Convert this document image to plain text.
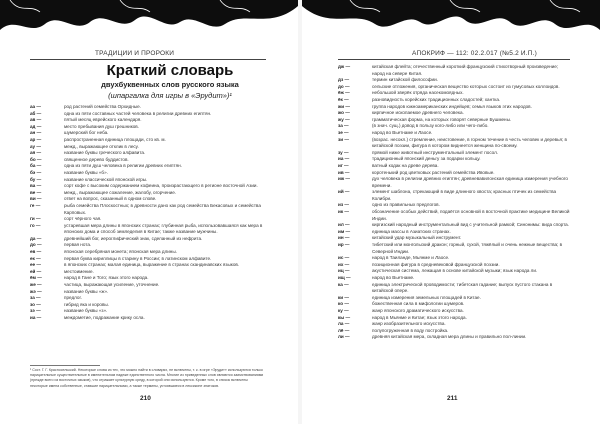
ТРАДИЦИИ И ПРОРОКИ
Краткий словарь
двухбуквенных слов русского языка
(шпаргалка для игры в «Эрудит»)¹
аа —	род растений семейства Орхидные.
аб —	одна из пяти составных частей человека в религии древних египтян.
ав —	пятый месяц еврейского календаря.
ад —	место пребывания душ грешников.
ан —	шумерский бог неба.
ар —	распространенная единица площади, сто кв. м.
ау —	межд., выражающее отклик в лесу.
ая —	название буквы греческого алфавита.
бо —	священное дерево буддистов.
ба —	одна из пяти душ человека в религии древних египтян.
бэ —	название буквы «б».
бу —	название классической японской игры.
ва —	сорт кофе с высоким содержанием кофеина, произрастающего в регионе восточной Азии.
ве —	межд., выражающее сожаление, жалобу, огорчение.
ви —	ответ на вопрос, сказанный в одном слове.
ге —	рыба семейства Плоскостных; в древности дано как род семейства Бекасовых и семейства Карповых.
ги —	сорт чёрного чая.
го —	устаревшая мера длины в японских странах; глубинная рыба, использовавшаяся как мера в японских дома и способ земледелия в Китае; также название мужчины.
да —	древнейший бог, иероглифический знак, сделанный из нефрита.
до —	первая нота.
ев —	японская серебряная монета; японская мера длины.
ек —	первая буква кириллицы в старину в России; в латинском алфавите.
ее —	в японских странах; малая единица, выражение в странах скандинавских языков.
ей —	местоимение.
ём —	народ в Гане и Того; язык этого народа.
же —	частица, выражающая усиление, уточнение.
жэ —	название буквы «ж».
за —	предлог.
зо —	гибрид яка и коровы.
зэ —	название буквы «з».
иа —	междометие, подражание крику осла.
¹ Сост. Г. Г. Красносельский. Некоторые слова из тех, что можно найти в словарях, не включены, т. к. в игре «Эрудит» используются только нарицательные существительные в именительном падеже единственного числа. Многие из приведенных слов являются заимствованиями (прежде всего из восточных языков), что отражает культурную среду, в которой они используются. Кроме того, в список включены некоторые имена собственные, ставшие нарицательными, а также термины, устоявшиеся в лексиконе знатоков.
210
АПОКРИФ — 112: 02.2.017 (№5.2 И.П.)
дж —	китайская флейта; отечественный короткий французский стихотворный произведение; народ на севере Китая.
дз —	термин китайской философии.
до —	сельские отложения, органическая вещество которых состоит из гумусовых коллоидов.
ёж —	небольшой зверёк отряда насекомоядных.
ёк —	разновидность корейских традиционных сладостей; хантка.
жи —	группа народов южноамериканских индейцев; семья языков этих народов.
жо —	кирпичное ископаемое древнего человека.
жу —	грамматическая форма, на которых говорят северные Бушмены.
за —	(в знач. сущ.) довод в пользу кого-либо или чего-либо.
зе —	народ во Вьетнаме и Лаосе.
зи —	(возрас. несокл.) стремление, неистовение, в горном течение в честь человек и деревья; в китайской поэзии, фигура в котором виднеется женщина по-своему.
зу —	прямой ниже животный инструментальный элемент посол.
иа —	традиционный японский деньгу за подарки кольцу.
иг —	ватный кодак на древе дерева.
ив —	коротенький род цветковых растений семейства Ивовые.
иж —	дух человека в религии древних египтян; древневавилонская единица измерения учебного времени.
ий —	элемент шаблона, стрекающий в виде длинного хвоста; красных птичек из семейства Колибри.
из —	одно из правильных предлогов.
ик —	обозначение особых действий, подаётся основной в восточной практике медицине Великой Индии.
ил —	киргизский народный инструментальный вид с учительной рамкой; Синонимы: вида спорта.
им —	единица массы в Азиатских странах.
ин —	китайский удар музыкальный инструмент.
ир —	тибетский или монгольский дракон; горный, сухой, тяжёлый и очень нежные вещества; в Северной Индии.
ис —	народ в Таиланде, Мьянме и Лаосе.
их —	позиционная фигура в средневековой французской поэзии.
иц —	акустическая система, лежащая в основе китайской музыки; язык народа ли.
ищ —	народ во Вьетнаме.
ка —	единица электрической проводимости; тибетская гадание; выпуск пустого стакана в китайской опере.
ки —	единица измерения земельных площадей в Китае.
ко —	божественная сила в мифологии шумеров.
ку —	жанр японского драматического искусства.
кы —	народ в Мьянме и Китае; язык этого народа.
ла —	жанр изобразительного искусства.
лё —	полупогруженная в воду постройка.
ли —	древняя китайская мера, складная мера длины и правильно пол-линии.
211
